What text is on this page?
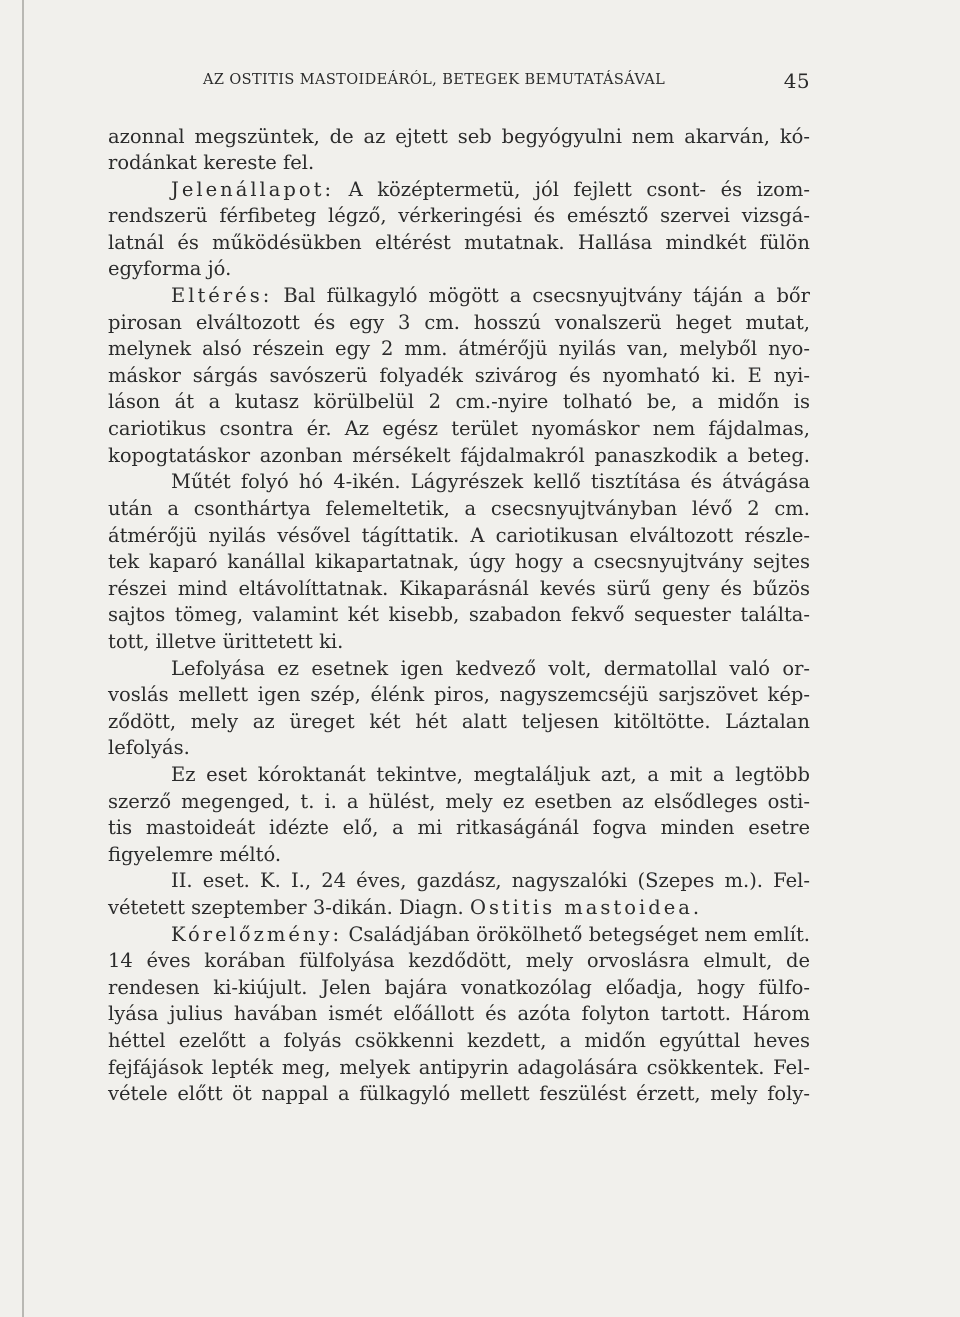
AZ OSTITIS MASTOIDEÁRÓL, BETEGEK BEMUTATÁSÁVAL	45
azonnal megszüntek, de az ejtett seb begyógyulni nem akarván, kó-
rodánkat kereste fel.
Jelenállapot: A középtermetü, jól fejlett csont- és izom-
rendszerü férfibeteg légző, vérkeringési és emésztő szervei vizsgá-
latnál és működésükben eltérést mutatnak. Hallása mindkét fülön
egyforma jó.
Eltérés: Bal fülkagyló mögött a csecsnyujtvány táján a bőr
pirosan elváltozott és egy 3 cm. hosszú vonalszerü heget mutat,
melynek alsó részein egy 2 mm. átmérőjü nyilás van, melyből nyo-
máskor sárgás savószerü folyadék szivárog és nyomható ki. E nyi-
láson át a kutasz körülbelül 2 cm.-nyire tolható be, a midőn is
cariotikus csontra ér. Az egész terület nyomáskor nem fájdalmas,
kopogtatáskor azonban mérsékelt fájdalmakról panaszkodik a beteg.
Műtét folyó hó 4-ikén. Lágyrészek kellő tisztítása és átvágása
után a csonthártya felemeltetik, a csecsnyujtványban lévő 2 cm.
átmérőjü nyilás vésővel tágíttatik. A cariotikusan elváltozott részle-
tek kaparó kanállal kikapartatnak, úgy hogy a csecsnyujtvány sejtes
részei mind eltávolíttatnak. Kikaparásnál kevés sürű geny és bűzös
sajtos tömeg, valamint két kisebb, szabadon fekvő sequester találta-
tott, illetve ürittetett ki.
Lefolyása ez esetnek igen kedvező volt, dermatollal való or-
voslás mellett igen szép, élénk piros, nagyszemcséjü sarjszövet kép-
ződött, mely az üreget két hét alatt teljesen kitöltötte. Láztalan
lefolyás.
Ez eset kóroktanát tekintve, megtaláljuk azt, a mit a legtöbb
szerző megenged, t. i. a hülést, mely ez esetben az elsődleges osti-
tis mastoideát idézte elő, a mi ritkaságánál fogva minden esetre
figyelemre méltó.
II. eset. K. I., 24 éves, gazdász, nagyszalóki (Szepes m.). Fel-
vétetett szeptember 3-dikán. Diagn. Ostitis mastoidea.
Kórelőzmény: Családjában örökölhető betegséget nem említ.
14 éves korában fülfolyása kezdődött, mely orvoslásra elmult, de
rendesen ki-kiújult. Jelen bajára vonatkozólag előadja, hogy fülfo-
lyása julius havában ismét előállott és azóta folyton tartott. Három
héttel ezelőtt a folyás csökkenni kezdett, a midőn egyúttal heves
fejfájások lepték meg, melyek antipyrin adagolására csökkentek. Fel-
vétele előtt öt nappal a fülkagyló mellett feszülést érzett, mely foly-
